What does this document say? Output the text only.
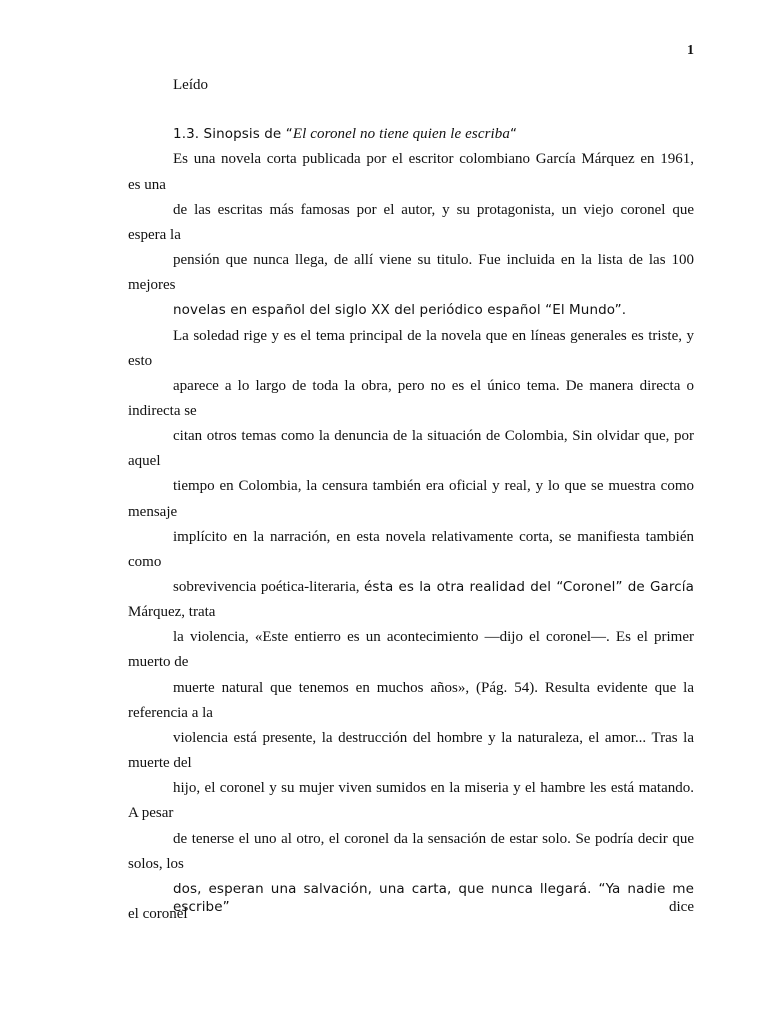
1
Leído
1.3. Sinopsis de “El coronel no tiene quien le escriba“
Es una novela corta publicada por el escritor colombiano García Márquez en 1961,
es una
de las escritas más famosas por el autor, y su protagonista, un viejo coronel que
espera la
pensión que nunca llega, de allí viene su titulo. Fue incluida en la lista de las 100
mejores
novelas en español del siglo XX del periódico español “El Mundo”.
La soledad rige y es el tema principal de la novela que en líneas generales es triste, y
esto
aparece a lo largo de toda la obra, pero no es el único tema. De manera directa o
indirecta se
citan otros temas como la denuncia de la situación de Colombia, Sin olvidar que, por
aquel
tiempo en Colombia, la censura también era oficial y real, y lo que se muestra como
mensaje
implícito en la narración, en esta novela relativamente corta, se manifiesta también
como
sobrevivencia poética-literaria, ésta es la otra realidad del “Coronel” de García
Márquez, trata
la violencia, «Este entierro es un acontecimiento —dijo el coronel—. Es el primer
muerto de
muerte natural que tenemos en muchos años», (Pág. 54). Resulta evidente que la
referencia a la
violencia está presente, la destrucción del hombre y la naturaleza, el amor... Tras la
muerte del
hijo, el coronel y su mujer viven sumidos en la miseria y el hambre les está matando.
A pesar
de tenerse el uno al otro, el coronel da la sensación de estar solo. Se podría decir que
solos, los
dos, esperan una salvación, una carta, que nunca llegará. “Ya nadie me escribe” dice
el coronel
